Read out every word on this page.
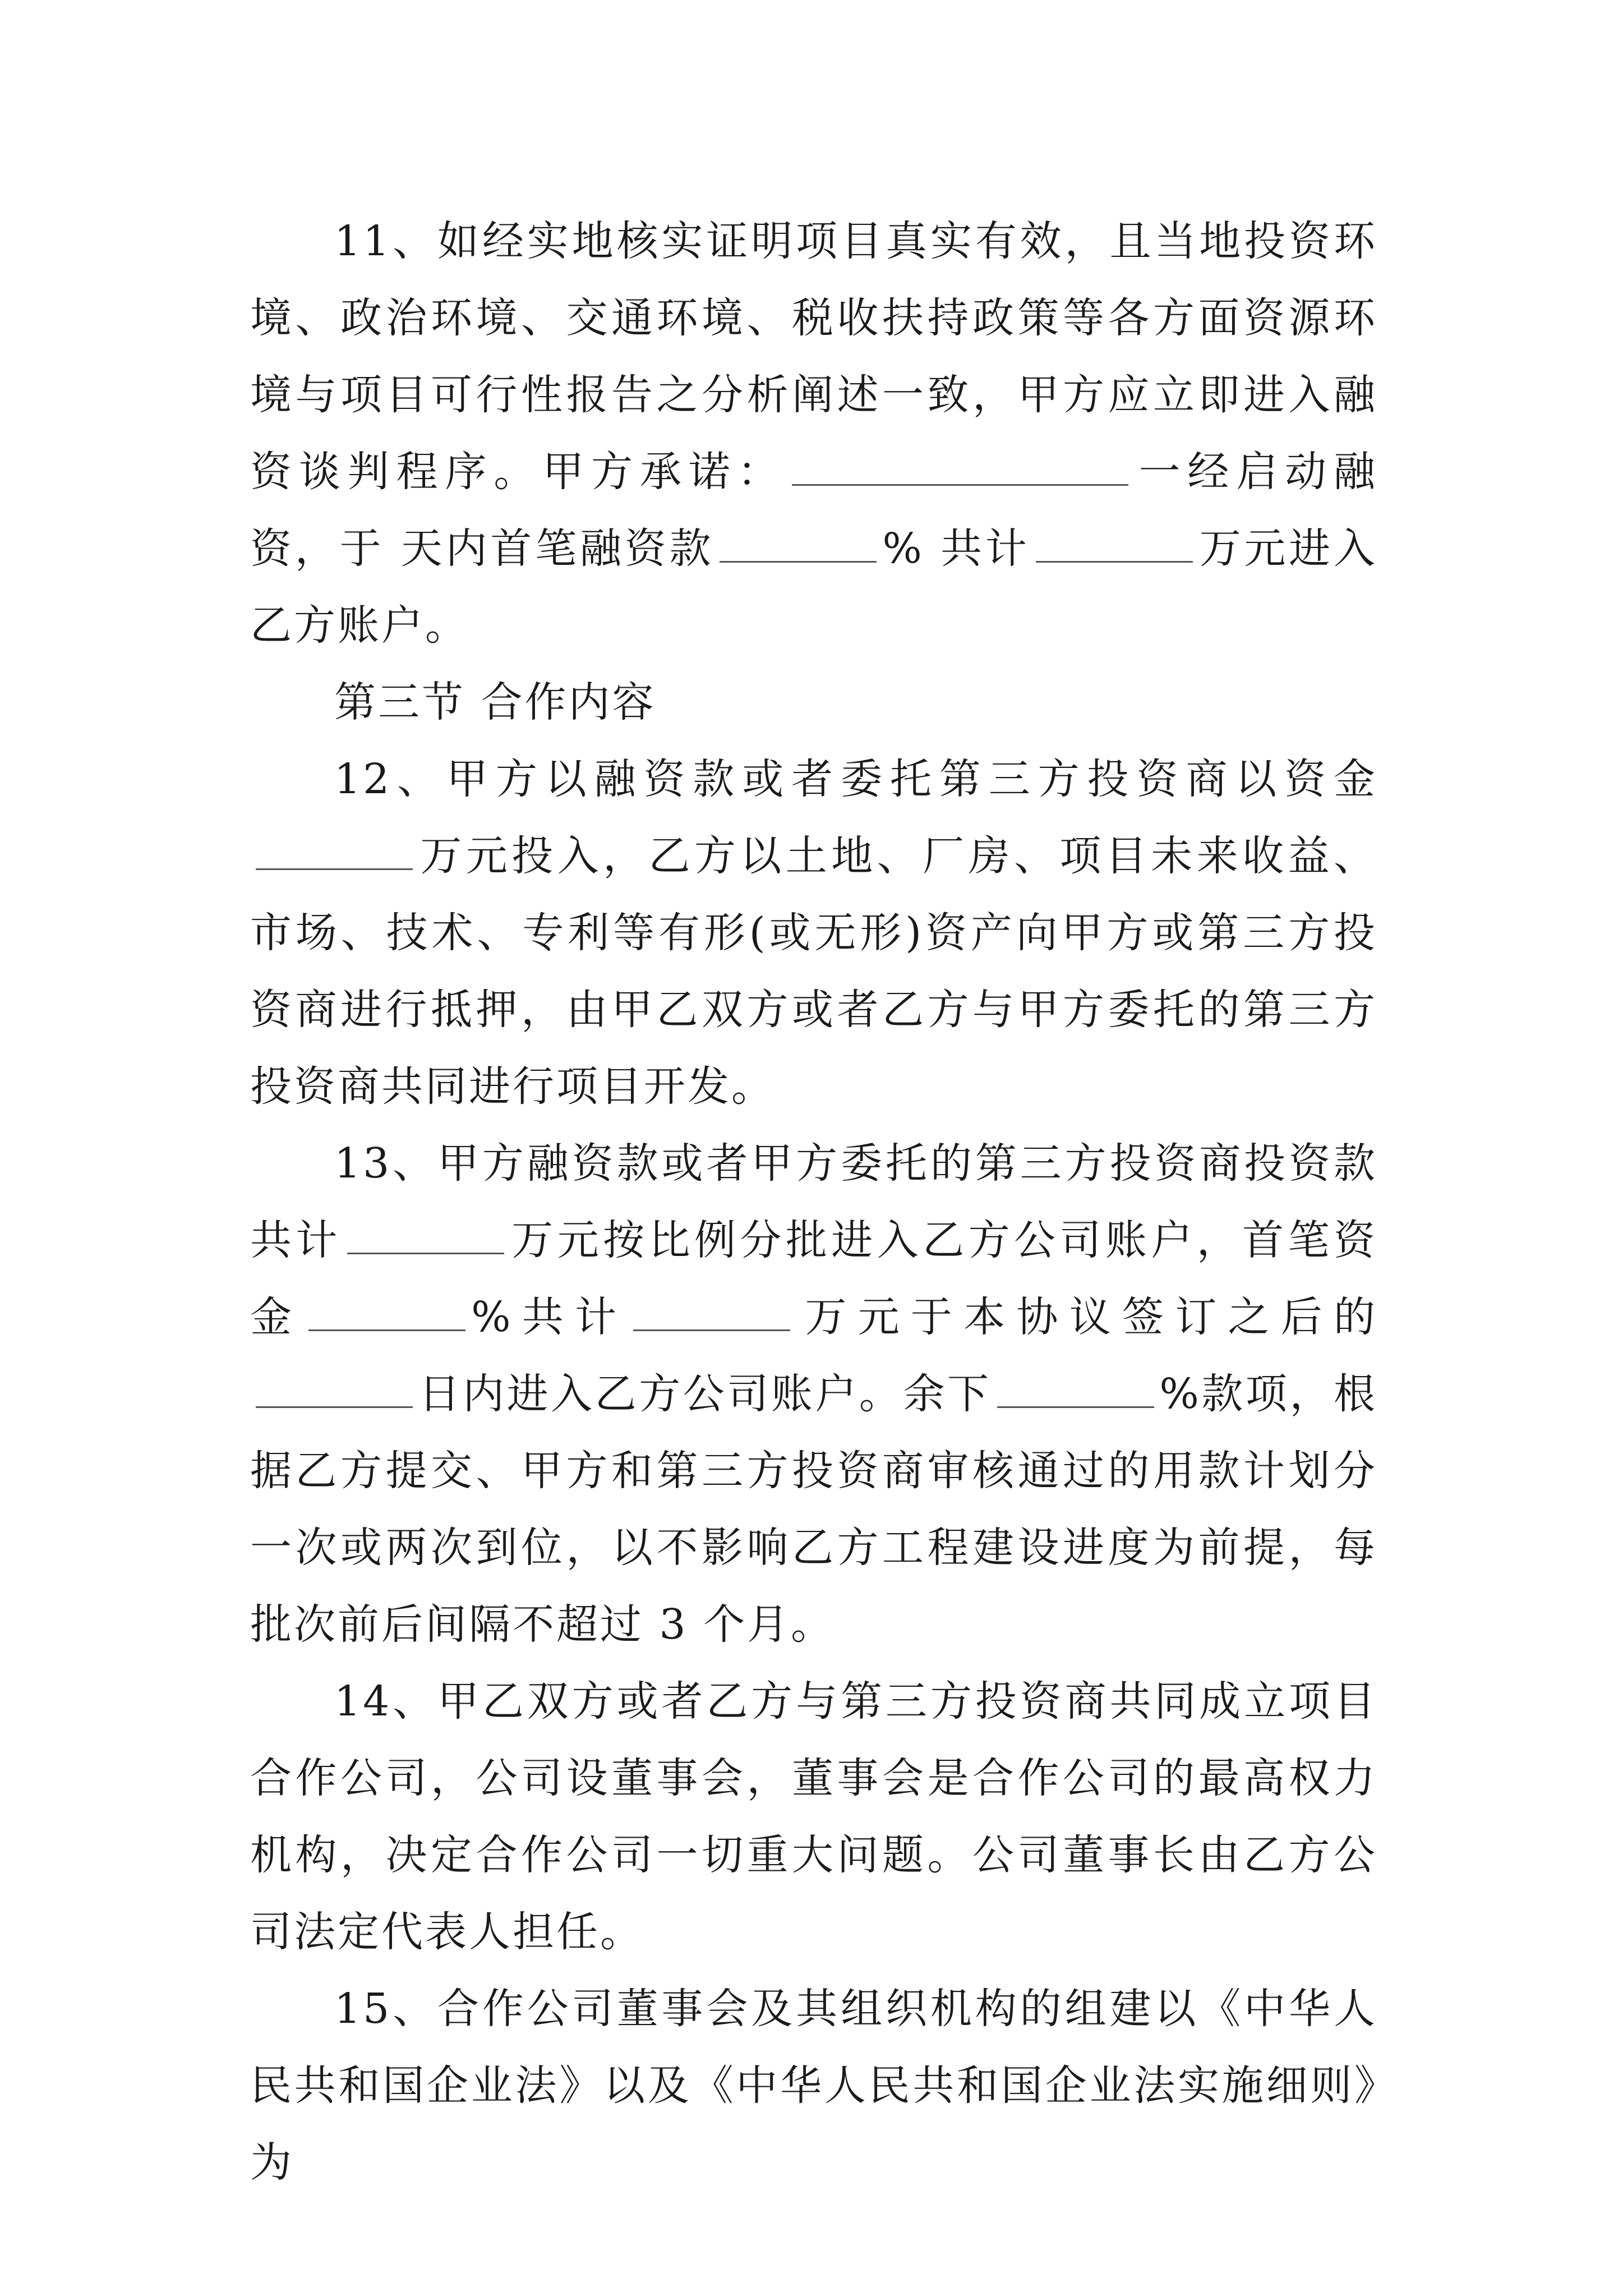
11、如经实地核实证明项目真实有效，且当地投资环境、政治环境、交通环境、税收扶持政策等各方面资源环境与项目可行性报告之分析阐述一致，甲方应立即进入融资谈判程序。甲方承诺：	一经启动融资，于 天内首笔融资款	% 共计	万元进入乙方账户。

第三节 合作内容

12、甲方以融资款或者委托第三方投资商以资金万元投入，乙方以土地、厂房、项目未来收益、市场、技术、专利等有形(或无形)资产向甲方或第三方投资商进行抵押，由甲乙双方或者乙方与甲方委托的第三方投资商共同进行项目开发。

13、甲方融资款或者甲方委托的第三方投资商投资款共计	万元按比例分批进入乙方公司账户，首笔资金	%共计	万元于本协议签订之后的日内进入乙方公司账户。余下	%款项，根据乙方提交、甲方和第三方投资商审核通过的用款计划分一次或两次到位，以不影响乙方工程建设进度为前提，每批次前后间隔不超过 3 个月。

14、甲乙双方或者乙方与第三方投资商共同成立项目合作公司，公司设董事会，董事会是合作公司的最高权力机构，决定合作公司一切重大问题。公司董事长由乙方公司法定代表人担任。

15、合作公司董事会及其组织机构的组建以《中华人民共和国企业法》以及《中华人民共和国企业法实施细则》为
